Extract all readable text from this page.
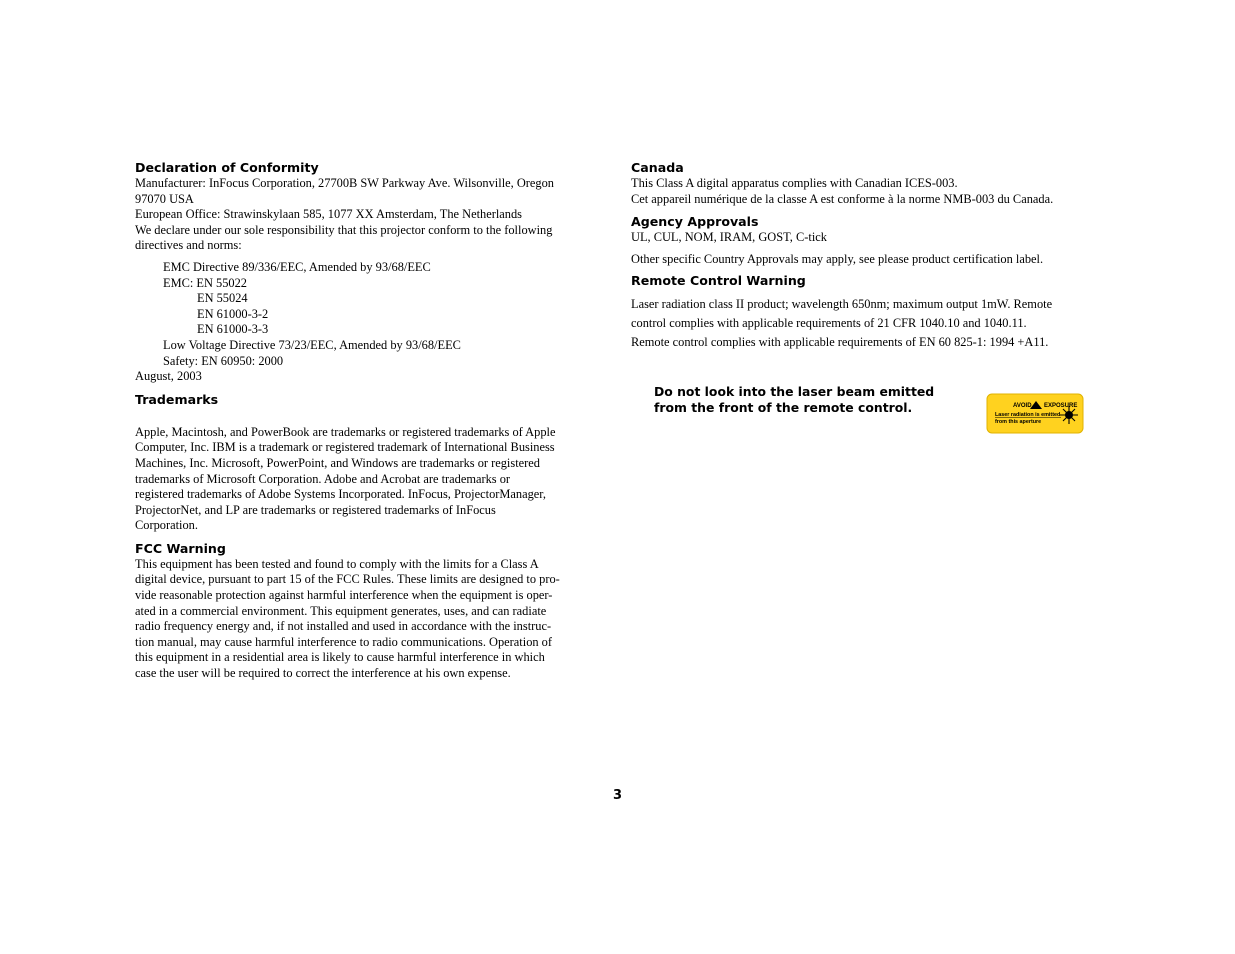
Declaration of Conformity

Manufacturer: InFocus Corporation, 27700B SW Parkway Ave. Wilsonville, Oregon

97070 USA

European Office: Strawinskylaan 585, 1077 XX Amsterdam, The Netherlands

We declare under our sole responsibility that this projector conform to the following

directives and norms:

EMC Directive 89/336/EEC, Amended by 93/68/EEC

EMC: EN 55022

EN 55024

EN 61000-3-2

EN 61000-3-3

Low Voltage Directive 73/23/EEC, Amended by 93/68/EEC

Safety: EN 60950: 2000

August, 2003

Trademarks

Apple, Macintosh, and PowerBook are trademarks or registered trademarks of Apple

Computer, Inc. IBM is a trademark or registered trademark of International Business

Machines, Inc. Microsoft, PowerPoint, and Windows are trademarks or registered

trademarks of Microsoft Corporation. Adobe and Acrobat are trademarks or

registered trademarks of Adobe Systems Incorporated. InFocus, ProjectorManager,

ProjectorNet, and LP are trademarks or registered trademarks of InFocus

Corporation.

FCC Warning

This equipment has been tested and found to comply with the limits for a Class A

digital device, pursuant to part 15 of the FCC Rules. These limits are designed to pro-

vide reasonable protection against harmful interference when the equipment is oper-

ated in a commercial environment. This equipment generates, uses, and can radiate

radio frequency energy and, if not installed and used in accordance with the instruc-

tion manual, may cause harmful interference to radio communications. Operation of

this equipment in a residential area is likely to cause harmful interference in which

case the user will be required to correct the interference at his own expense.

Canada

This Class A digital apparatus complies with Canadian ICES-003.

Cet appareil numérique de la classe A est conforme à la norme NMB-003 du Canada.

Agency Approvals

UL, CUL, NOM, IRAM, GOST, C-tick

Other specific Country Approvals may apply, see please product certification label.

Remote Control Warning

Laser radiation class II product; wavelength 650nm; maximum output 1mW. Remote

control complies with applicable requirements of 21 CFR 1040.10 and 1040.11.

Remote control complies with applicable requirements of EN 60 825-1: 1994 +A11.

Do not look into the laser beam emitted
from the front of the remote control.	AVOID EXPOSURE
Laser radiation is emitted
from this aperture
3
